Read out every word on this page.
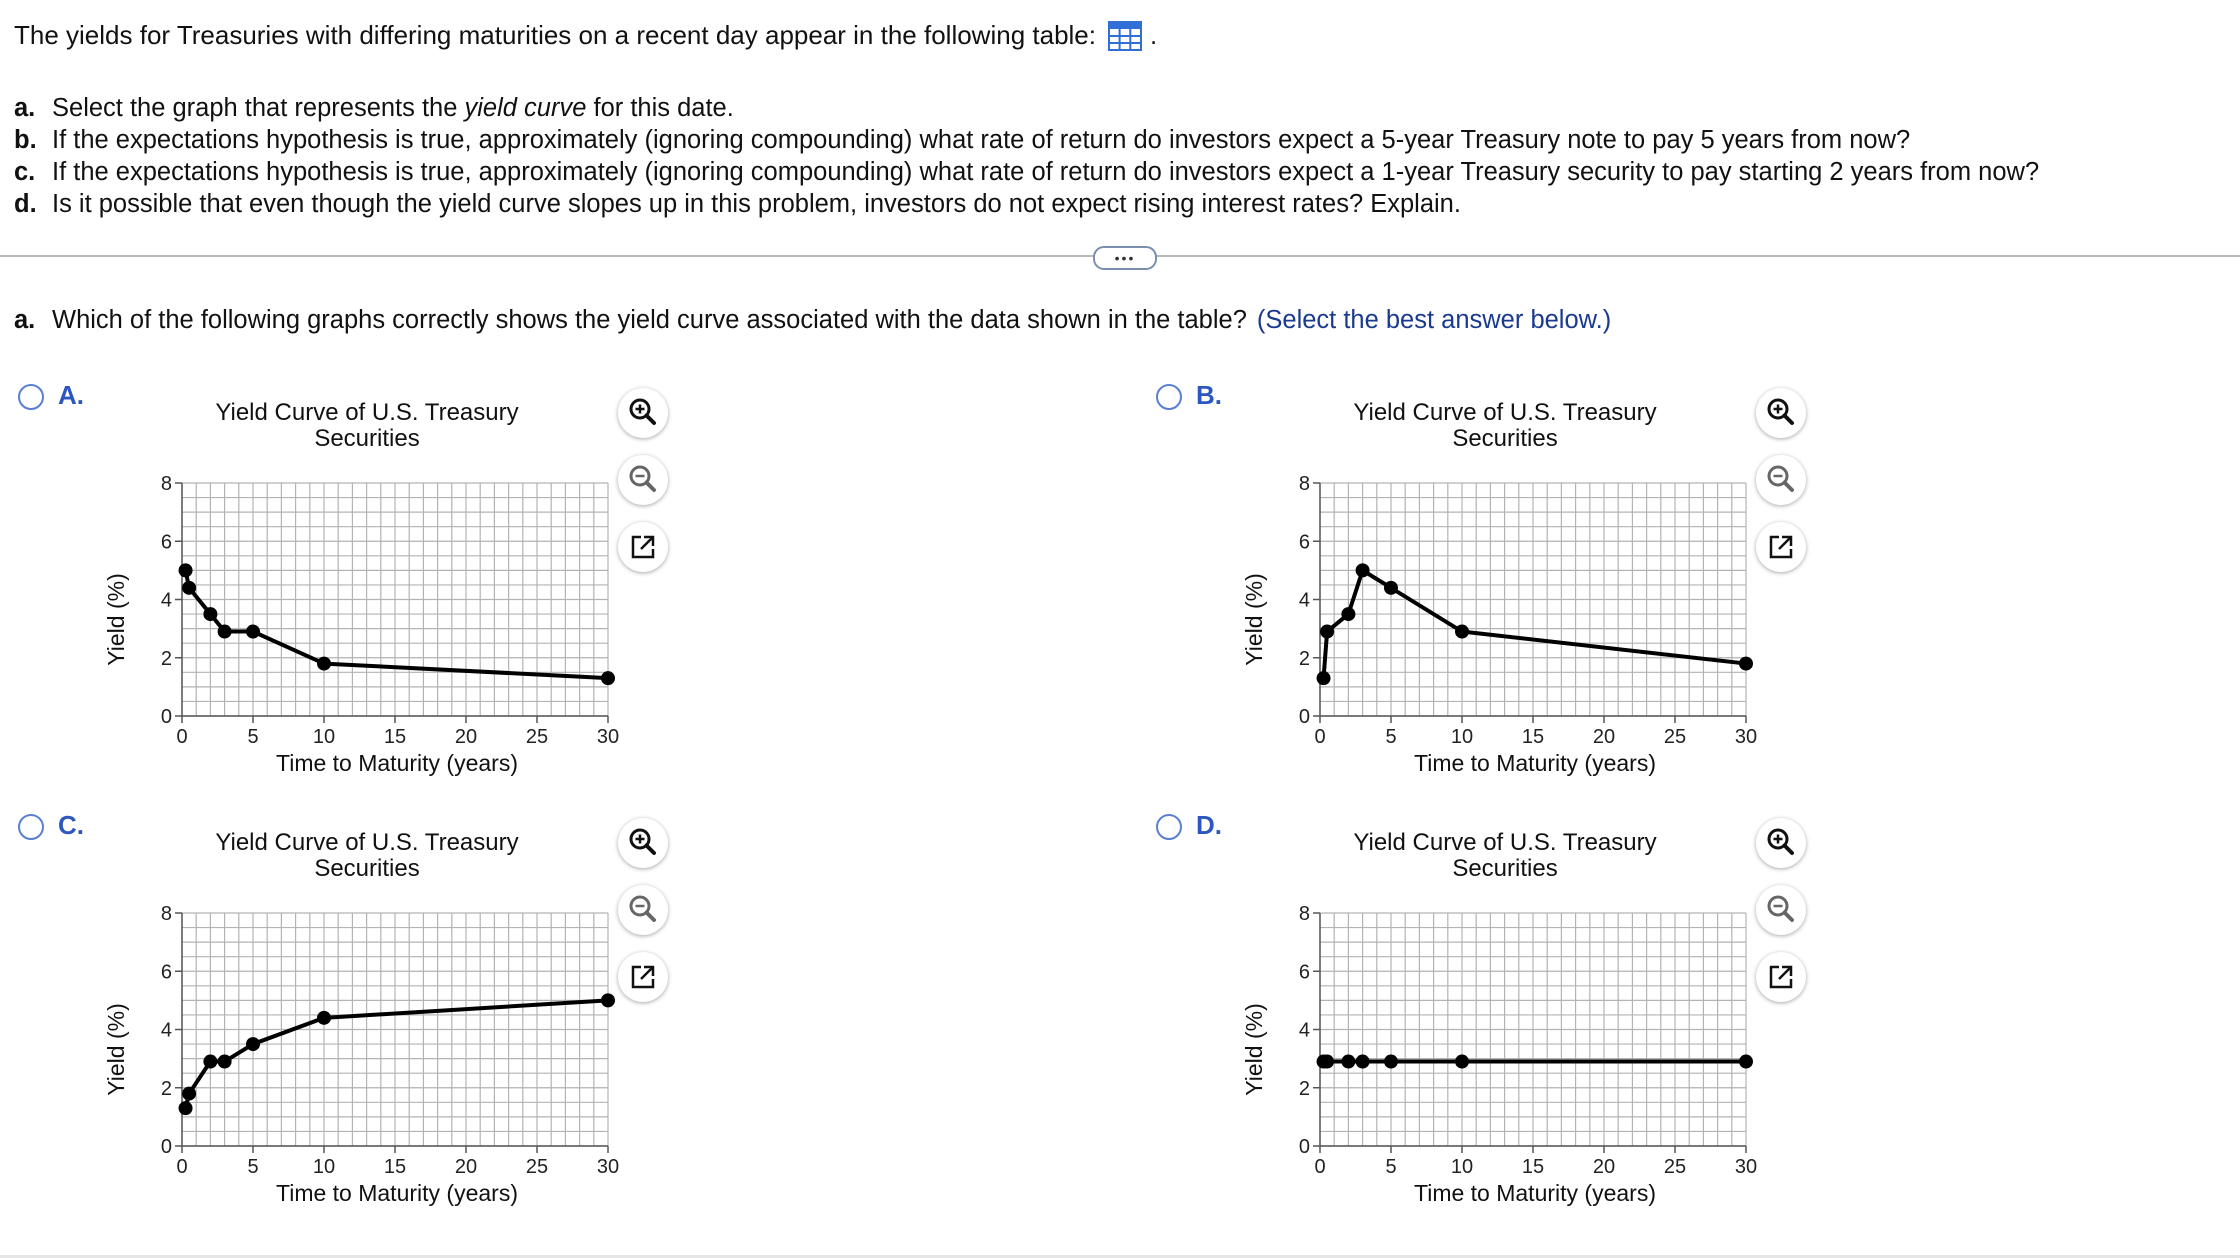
The yields for Treasuries with differing maturities on a recent day appear in the following table: .
a. Select the graph that represents the yield curve for this date.
b. If the expectations hypothesis is true, approximately (ignoring compounding) what rate of return do investors expect a 5-year Treasury note to pay 5 years from now?
c. If the expectations hypothesis is true, approximately (ignoring compounding) what rate of return do investors expect a 1-year Treasury security to pay starting 2 years from now?
d. Is it possible that even though the yield curve slopes up in this problem, investors do not expect rising interest rates? Explain.
•••
a. Which of the following graphs correctly shows the yield curve associated with the data shown in the table? (Select the best answer below.)
A.
Yield Curve of U.S. Treasury
Securities
0	5	10 15 20 25 30
0
2
4
6
8
Time to Maturity (years)
Yield (%)
B.
Yield Curve of U.S. Treasury
Securities
0	5	10 15 20 25 30
0
2
4
6
8
Time to Maturity (years)
Yield (%)
C.
Yield Curve of U.S. Treasury
Securities
0	5	10 15 20 25 30
0
2
4
6
8
Time to Maturity (years)
Yield (%)
D.
Yield Curve of U.S. Treasury
Securities
0	5	10 15 20 25 30
0
2
4
6
8
Time to Maturity (years)
Yield (%)
